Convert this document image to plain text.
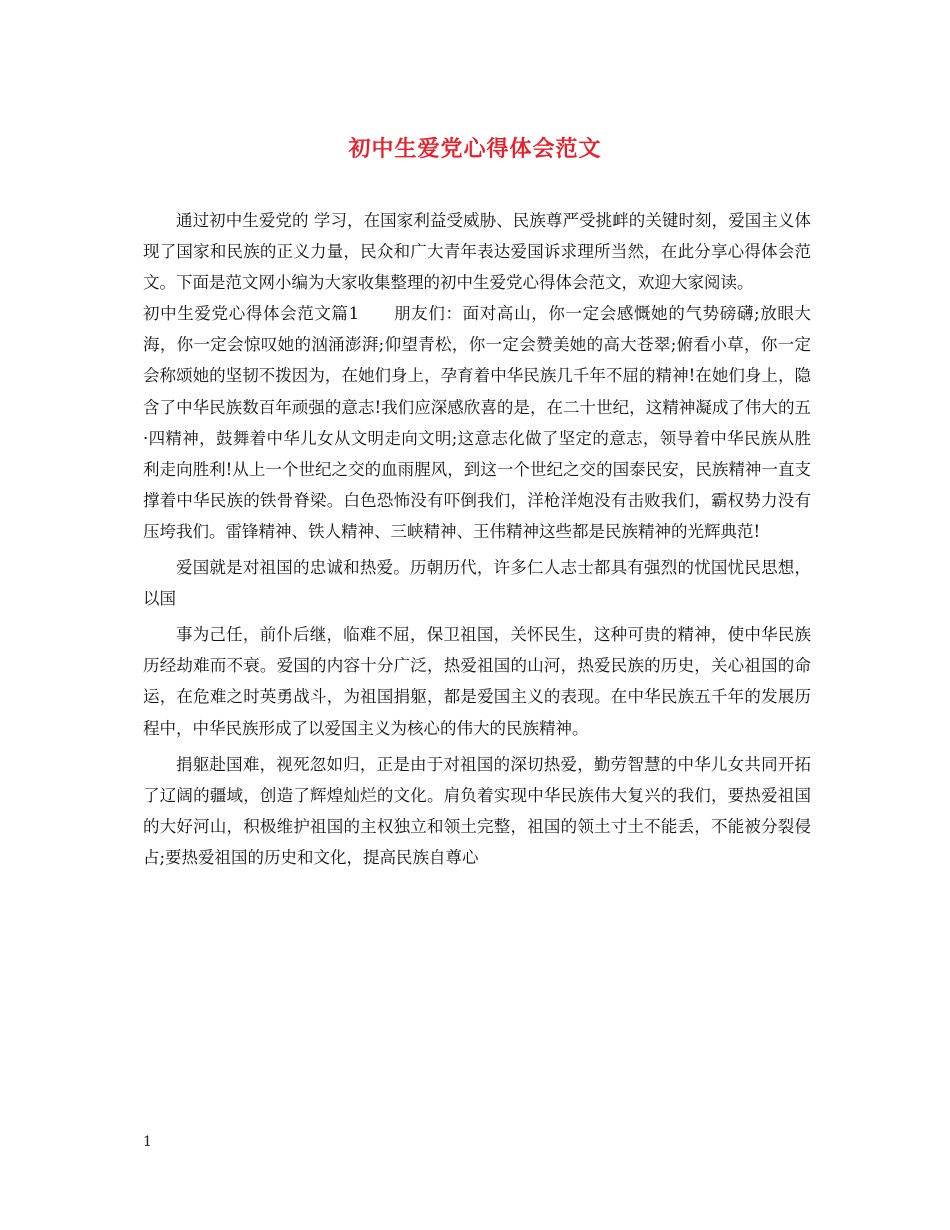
初中生爱党心得体会范文

通过初中生爱党的 学习，在国家利益受威胁、民族尊严受挑衅的关键时刻，爱国主义体现了国家和民族的正义力量，民众和广大青年表达爱国诉求理所当然，在此分享心得体会范文。下面是范文网小编为大家收集整理的初中生爱党心得体会范文，欢迎大家阅读。

初中生爱党心得体会范文篇1　　朋友们：面对高山，你一定会感慨她的气势磅礴;放眼大海，你一定会惊叹她的汹涌澎湃;仰望青松，你一定会赞美她的高大苍翠;俯看小草，你一定会称颂她的坚韧不拨因为，在她们身上，孕育着中华民族几千年不屈的精神!在她们身上，隐含了中华民族数百年顽强的意志!我们应深感欣喜的是，在二十世纪，这精神凝成了伟大的五·四精神，鼓舞着中华儿女从文明走向文明;这意志化做了坚定的意志，领导着中华民族从胜利走向胜利!从上一个世纪之交的血雨腥风，到这一个世纪之交的国泰民安，民族精神一直支撑着中华民族的铁骨脊梁。白色恐怖没有吓倒我们，洋枪洋炮没有击败我们，霸权势力没有压垮我们。雷锋精神、铁人精神、三峡精神、王伟精神这些都是民族精神的光辉典范!

爱国就是对祖国的忠诚和热爱。历朝历代，许多仁人志士都具有强烈的忧国忧民思想，以国

事为己任，前仆后继，临难不屈，保卫祖国，关怀民生，这种可贵的精神，使中华民族历经劫难而不衰。爱国的内容十分广泛，热爱祖国的山河，热爱民族的历史，关心祖国的命运，在危难之时英勇战斗，为祖国捐躯，都是爱国主义的表现。在中华民族五千年的发展历程中，中华民族形成了以爱国主义为核心的伟大的民族精神。

捐躯赴国难，视死忽如归，正是由于对祖国的深切热爱，勤劳智慧的中华儿女共同开拓了辽阔的疆域，创造了辉煌灿烂的文化。肩负着实现中华民族伟大复兴的我们，要热爱祖国的大好河山，积极维护祖国的主权独立和领土完整，祖国的领土寸土不能丢，不能被分裂侵占;要热爱祖国的历史和文化，提高民族自尊心

1
